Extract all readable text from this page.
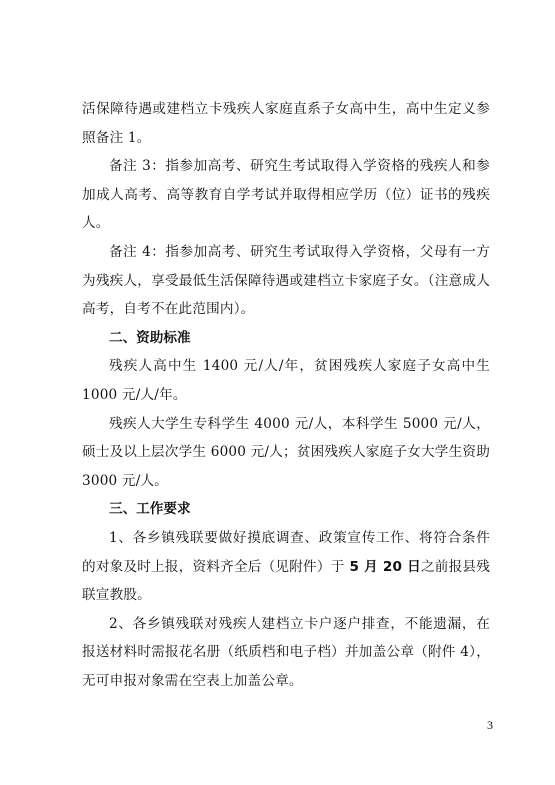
活保障待遇或建档立卡残疾人家庭直系子女高中生，高中生定义参照备注 1。

备注 3：指参加高考、研究生考试取得入学资格的残疾人和参加成人高考、高等教育自学考试并取得相应学历（位）证书的残疾人。

备注 4：指参加高考、研究生考试取得入学资格，父母有一方为残疾人，享受最低生活保障待遇或建档立卡家庭子女。（注意成人高考，自考不在此范围内）。

二、资助标准

残疾人高中生 1400 元/人/年，贫困残疾人家庭子女高中生 1000 元/人/年。

残疾人大学生专科学生 4000 元/人，本科学生 5000 元/人，硕士及以上层次学生 6000 元/人；贫困残疾人家庭子女大学生资助 3000 元/人。

三、工作要求

1、各乡镇残联要做好摸底调查、政策宣传工作、将符合条件的对象及时上报，资料齐全后（见附件）于 5 月 20 日之前报县残联宣教股。

2、各乡镇残联对残疾人建档立卡户逐户排查，不能遗漏，在报送材料时需报花名册（纸质档和电子档）并加盖公章（附件 4），无可申报对象需在空表上加盖公章。

3
